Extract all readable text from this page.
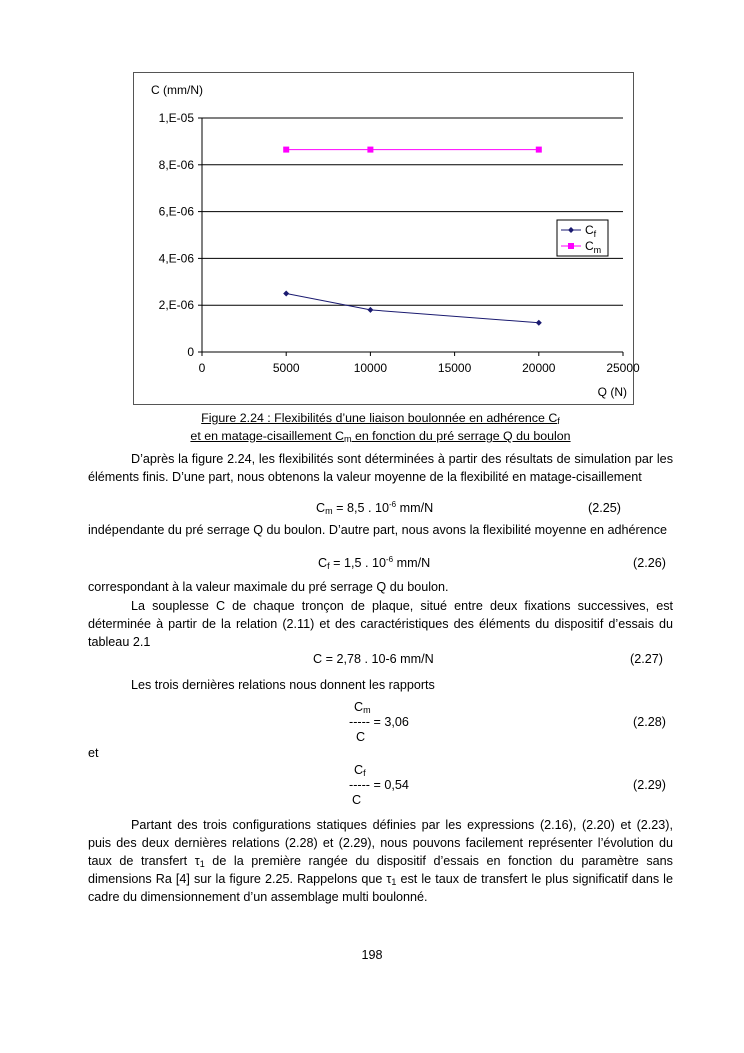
0
2,E-06
4,E-06
6,E-06
8,E-06
1,E-05
0	5000	10000	15000	20000	25000
C (mm/N)
Q (N)
$C_f$
$C_m$
Figure 2.24 : Flexibilités d’une liaison boulonnée en adhérence $C_f$
et en matage-cisaillement $C_m$ en fonction du pré serrage Q du boulon

D’après la figure 2.24, les flexibilités sont déterminées à partir des résultats de simulation par les éléments finis. D’une part, nous obtenons la valeur moyenne de la flexibilité en matage-cisaillement

$C_m = 8,5$ . $10^{-6}$ mm/N	(2.25)

indépendante du pré serrage Q du boulon. D’autre part, nous avons la flexibilité moyenne en adhérence

$C_f = 1,5$ . $10^{-6}$ mm/N	(2.26)

correspondant à la valeur maximale du pré serrage Q du boulon.

La souplesse C de chaque tronçon de plaque, situé entre deux fixations successives, est déterminée à partir de la relation (2.11) et des caractéristiques des éléments du dispositif d’essais du tableau 2.1

C = 2,78 . 10-6 mm/N	(2.27)

Les trois dernières relations nous donnent les rapports

$C_m$
----- = 3,06
C
(2.28)
et
$C_f$
----- = 0,54
C
(2.29)

Partant des trois configurations statiques définies par les expressions (2.16), (2.20) et (2.23), puis des deux dernières relations (2.28) et (2.29), nous pouvons facilement représenter l’évolution du taux de transfert $\tau_1$ de la première rangée du dispositif d’essais en fonction du paramètre sans dimensions Ra [4] sur la figure 2.25. Rappelons que $\tau_1$ est le taux de transfert le plus significatif dans le cadre du dimensionnement d’un assemblage multi boulonné.

198
